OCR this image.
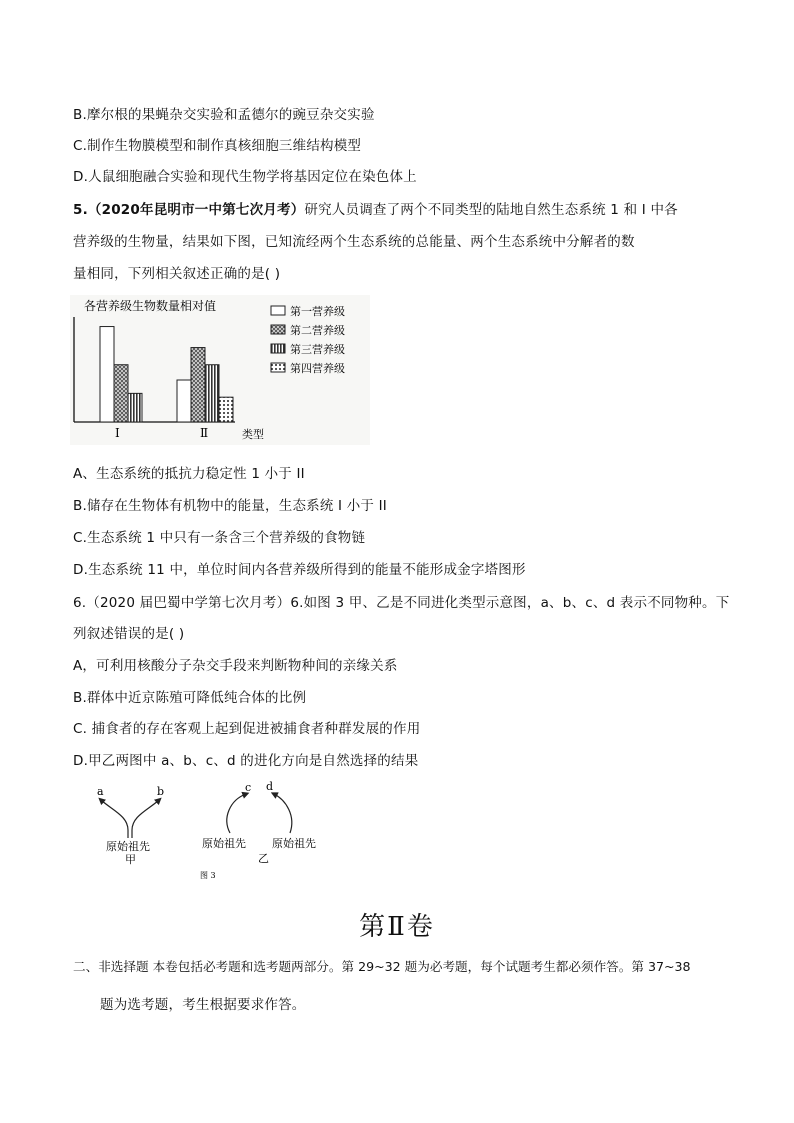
B.摩尔根的果蝇杂交实验和孟德尔的豌豆杂交实验
C.制作生物膜模型和制作真核细胞三维结构模型
D.人鼠细胞融合实验和现代生物学将基因定位在染色体上
5.（2020年昆明市一中第七次月考）研究人员调查了两个不同类型的陆地自然生态系统 1 和 I 中各
营养级的生物量，结果如下图，已知流经两个生态系统的总能量、两个生态系统中分解者的数
量相同，下列相关叙述正确的是( )
各营养级生物数量相对值
I	Ⅱ	类型
第一营养级
第二营养级
第三营养级
第四营养级
A、生态系统的抵抗力稳定性 1 小于 II
B.储存在生物体有机物中的能量，生态系统 I 小于 II
C.生态系统 1 中只有一条含三个营养级的食物链
D.生态系统 11 中，单位时间内各营养级所得到的能量不能形成金字塔图形
6.（2020 届巴蜀中学第七次月考）6.如图 3 甲、乙是不同进化类型示意图，a、b、c、d 表示不同物种。下
列叙述错误的是( )
A，可利用核酸分子杂交手段来判断物种间的亲缘关系
B.群体中近京陈殖可降低纯合体的比例
C. 捕食者的存在客观上起到促进被捕食者种群发展的作用
D.甲乙两图中 a、b、c、d 的进化方向是自然选择的结果
a	b
原始祖先
甲
c d
原始祖先 原始祖先
乙
图 3
第Ⅱ卷
二、非选择题 本卷包括必考题和选考题两部分。第 29~32 题为必考题，每个试题考生都必须作答。第 37~38
题为选考题，考生根据要求作答。
